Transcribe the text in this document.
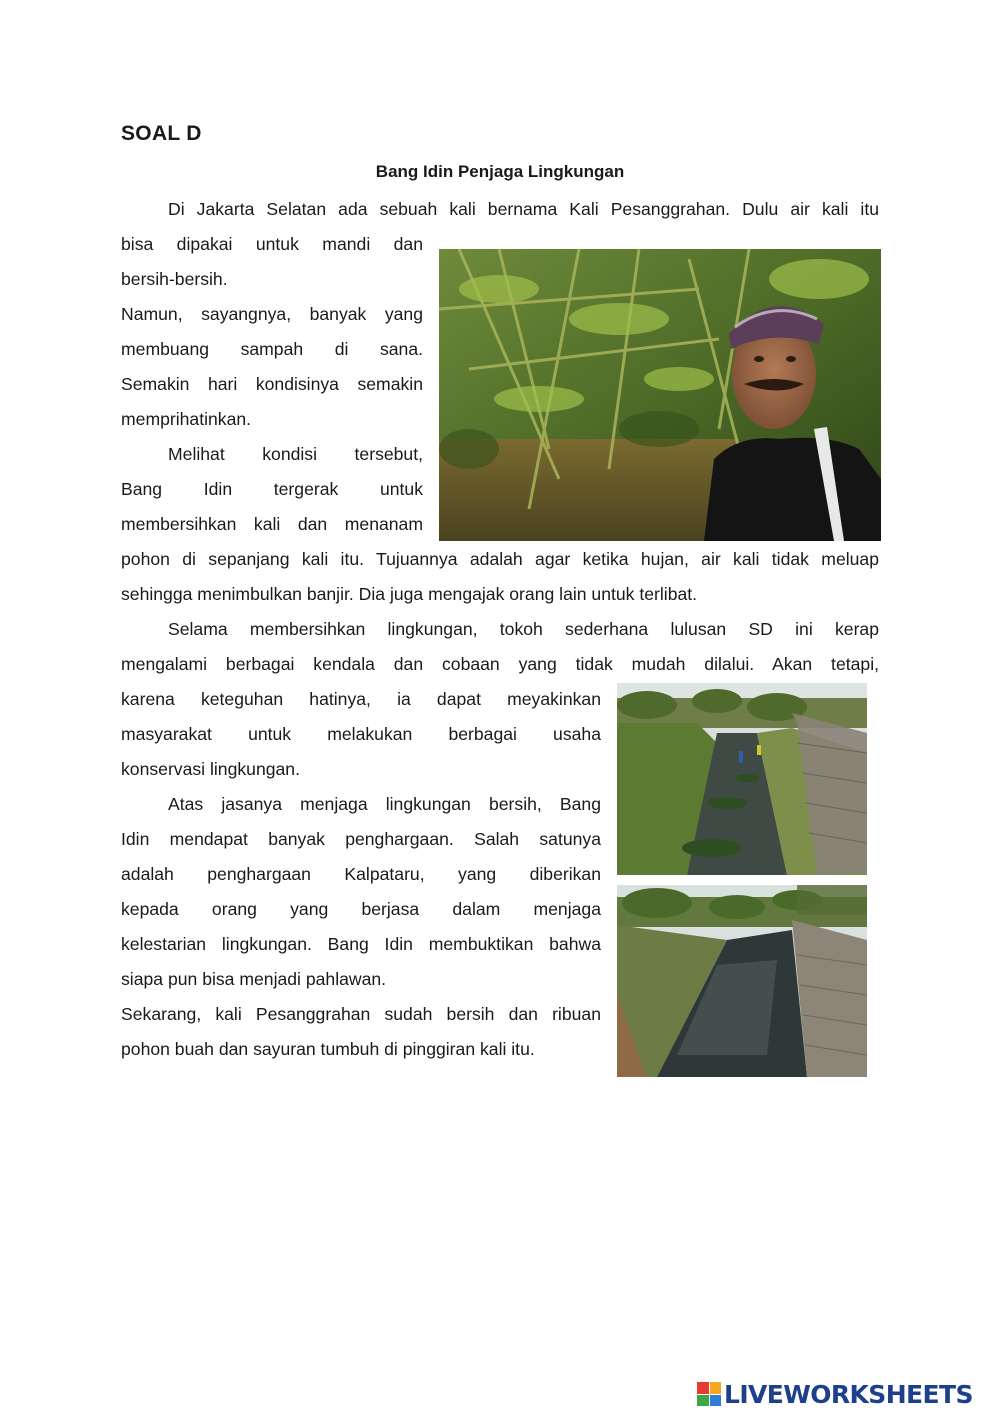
SOAL D
Bang Idin Penjaga Lingkungan
Di Jakarta Selatan ada sebuah kali bernama Kali Pesanggrahan. Dulu air kali itu
bisa dipakai untuk mandi dan
bersih-bersih.
Namun, sayangnya, banyak yang
membuang sampah di sana.
Semakin hari kondisinya semakin
memprihatinkan.
Melihat kondisi tersebut,
Bang Idin tergerak untuk
membersihkan kali dan menanam
pohon di sepanjang kali itu. Tujuannya adalah agar ketika hujan, air kali tidak meluap
sehingga menimbulkan banjir. Dia juga mengajak orang lain untuk terlibat.
Selama membersihkan lingkungan, tokoh sederhana lulusan SD ini kerap
mengalami berbagai kendala dan cobaan yang tidak mudah dilalui. Akan tetapi,
karena keteguhan hatinya, ia dapat meyakinkan
masyarakat untuk melakukan berbagai usaha
konservasi lingkungan.
Atas jasanya menjaga lingkungan bersih, Bang
Idin mendapat banyak penghargaan. Salah satunya
adalah penghargaan Kalpataru, yang diberikan
kepada orang yang berjasa dalam menjaga
kelestarian lingkungan. Bang Idin membuktikan bahwa
siapa pun bisa menjadi pahlawan.
Sekarang, kali Pesanggrahan sudah bersih dan ribuan
pohon buah dan sayuran tumbuh di pinggiran kali itu.
LIVEWORKSHEETS
